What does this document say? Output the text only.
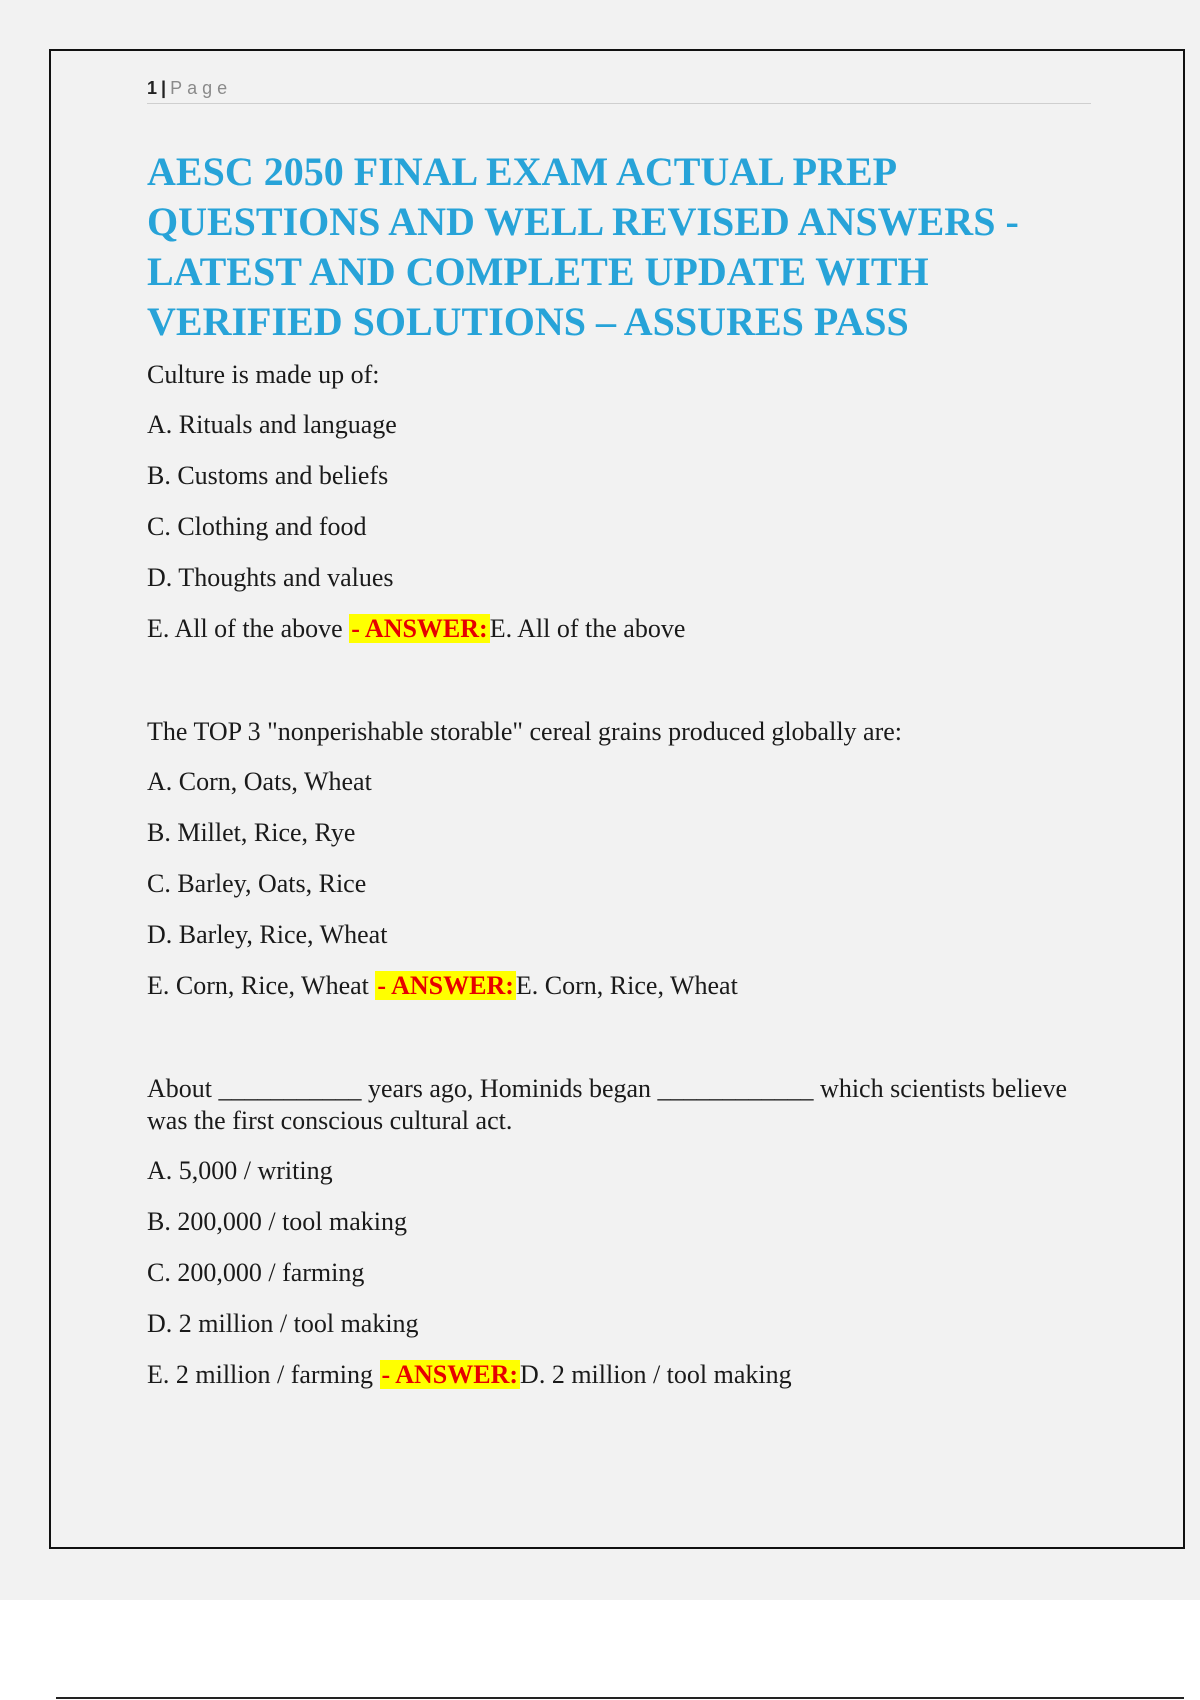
1 | Page
AESC 2050 FINAL EXAM ACTUAL PREP QUESTIONS AND WELL REVISED ANSWERS - LATEST AND COMPLETE UPDATE WITH VERIFIED SOLUTIONS – ASSURES PASS

Culture is made up of:

A. Rituals and language

B. Customs and beliefs

C. Clothing and food

D. Thoughts and values

E. All of the above - ANSWER:E. All of the above

The TOP 3 "nonperishable storable" cereal grains produced globally are:

A. Corn, Oats, Wheat

B. Millet, Rice, Rye

C. Barley, Oats, Rice

D. Barley, Rice, Wheat

E. Corn, Rice, Wheat - ANSWER:E. Corn, Rice, Wheat

About ___________ years ago, Hominids began ____________ which scientists believe was the first conscious cultural act.

A. 5,000 / writing

B. 200,000 / tool making

C. 200,000 / farming

D. 2 million / tool making

E. 2 million / farming - ANSWER:D. 2 million / tool making
